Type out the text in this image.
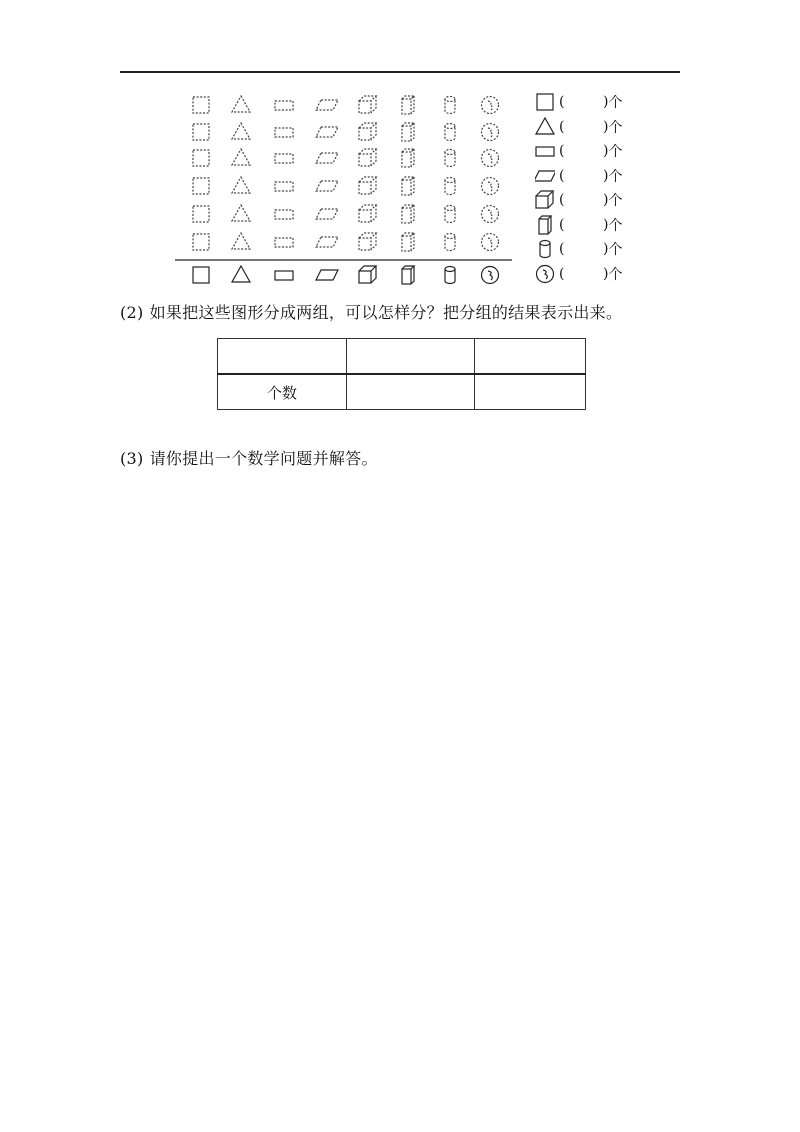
(	) 个
(	) 个
(	) 个
(	) 个
(	) 个
(	) 个
(	) 个
(	) 个
(2) 如果把这些图形分成两组，可以怎样分？把分组的结果表示出来。

个数		
(3) 请你提出一个数学问题并解答。
